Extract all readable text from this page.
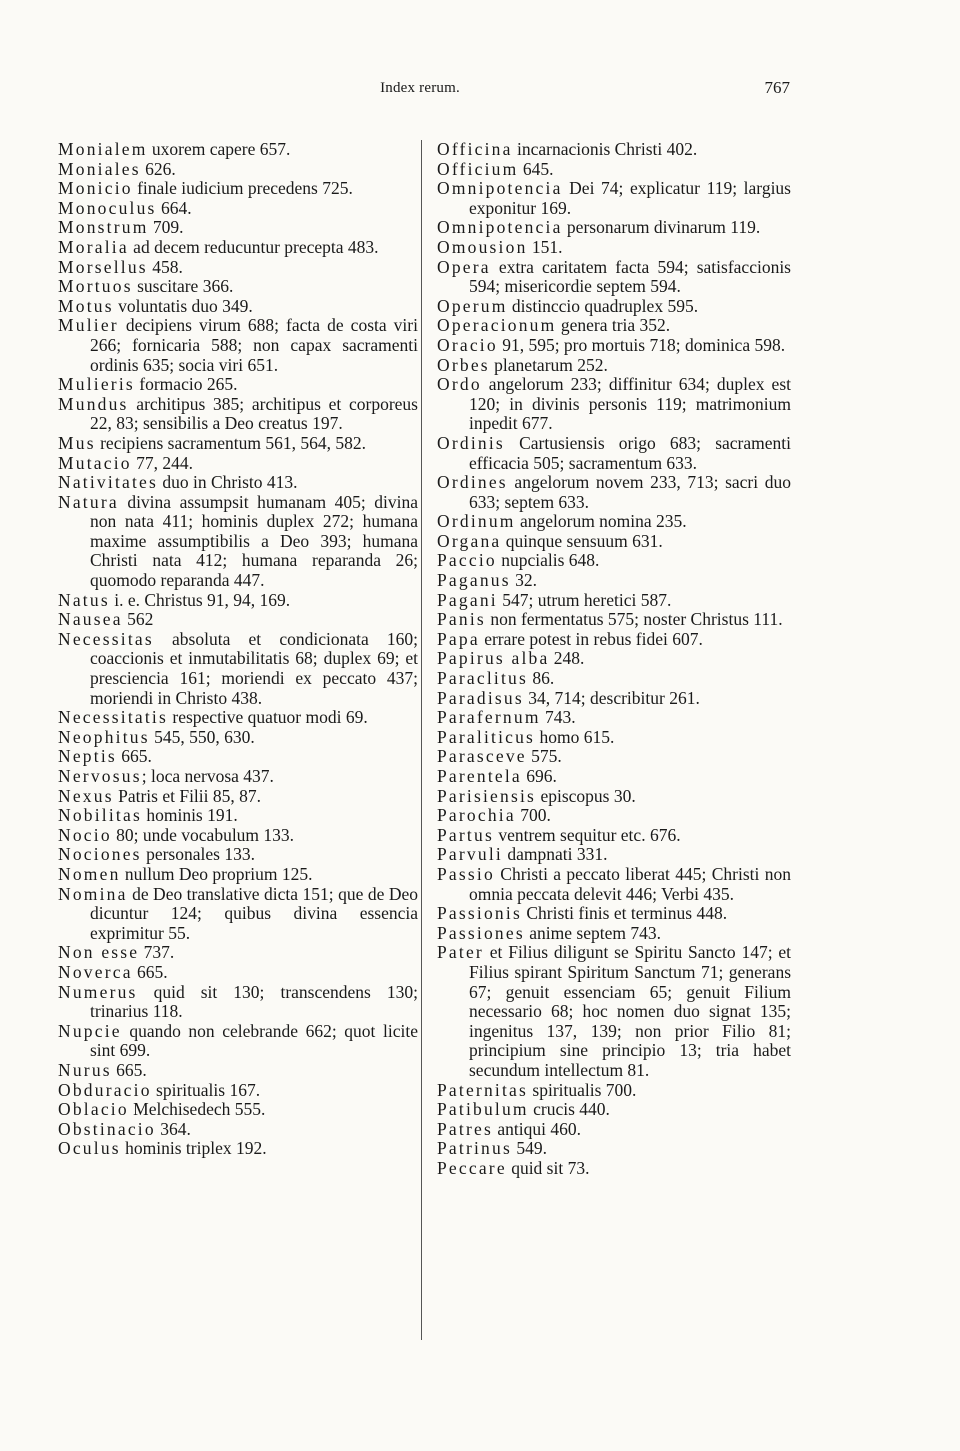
Index rerum.	767

Monialem uxorem capere 657.

Moniales 626.

Monicio finale iudicium precedens 725.

Monoculus 664.

Monstrum 709.

Moralia ad decem reducuntur precepta 483.

Morsellus 458.

Mortuos suscitare 366.

Motus voluntatis duo 349.

Mulier decipiens virum 688; facta de costa viri 266; fornicaria 588; non capax sacramenti ordinis 635; socia viri 651.

Mulieris formacio 265.

Mundus architipus 385; architipus et corporeus 22, 83; sensibilis a Deo creatus 197.

Mus recipiens sacramentum 561, 564, 582.

Mutacio 77, 244.

Nativitates duo in Christo 413.

Natura divina assumpsit humanam 405; divina non nata 411; hominis duplex 272; humana maxime assumptibilis a Deo 393; humana Christi nata 412; humana reparanda 26; quomodo reparanda 447.

Natus i. e. Christus 91, 94, 169.

Nausea 562

Necessitas absoluta et condicionata 160; coaccionis et inmutabilitatis 68; duplex 69; et presciencia 161; moriendi ex peccato 437; moriendi in Christo 438.

Necessitatis respective quatuor modi 69.

Neophitus 545, 550, 630.

Neptis 665.

Nervosus; loca nervosa 437.

Nexus Patris et Filii 85, 87.

Nobilitas hominis 191.

Nocio 80; unde vocabulum 133.

Nociones personales 133.

Nomen nullum Deo proprium 125.

Nomina de Deo translative dicta 151; que de Deo dicuntur 124; quibus divina essencia exprimitur 55.

Non esse 737.

Noverca 665.

Numerus quid sit 130; transcendens 130; trinarius 118.

Nupcie quando non celebrande 662; quot licite sint 699.

Nurus 665.

Obduracio spiritualis 167.

Oblacio Melchisedech 555.

Obstinacio 364.

Oculus hominis triplex 192.

Officina incarnacionis Christi 402.

Officium 645.

Omnipotencia Dei 74; explicatur 119; largius exponitur 169.

Omnipotencia personarum divinarum 119.

Omousion 151.

Opera extra caritatem facta 594; satisfaccionis 594; misericordie septem 594.

Operum distinccio quadruplex 595.

Operacionum genera tria 352.

Oracio 91, 595; pro mortuis 718; dominica 598.

Orbes planetarum 252.

Ordo angelorum 233; diffinitur 634; duplex est 120; in divinis personis 119; matrimonium inpedit 677.

Ordinis Cartusiensis origo 683; sacramenti efficacia 505; sacramentum 633.

Ordines angelorum novem 233, 713; sacri duo 633; septem 633.

Ordinum angelorum nomina 235.

Organa quinque sensuum 631.

Paccio nupcialis 648.

Paganus 32.

Pagani 547; utrum heretici 587.

Panis non fermentatus 575; noster Christus 111.

Papa errare potest in rebus fidei 607.

Papirus alba 248.

Paraclitus 86.

Paradisus 34, 714; describitur 261.

Parafernum 743.

Paraliticus homo 615.

Parasceve 575.

Parentela 696.

Parisiensis episcopus 30.

Parochia 700.

Partus ventrem sequitur etc. 676.

Parvuli dampnati 331.

Passio Christi a peccato liberat 445; Christi non omnia peccata delevit 446; Verbi 435.

Passionis Christi finis et terminus 448.

Passiones anime septem 743.

Pater et Filius diligunt se Spiritu Sancto 147; et Filius spirant Spiritum Sanctum 71; generans 67; genuit essenciam 65; genuit Filium necessario 68; hoc nomen duo signat 135; ingenitus 137, 139; non prior Filio 81; principium sine principio 13; tria habet secundum intellectum 81.

Paternitas spiritualis 700.

Patibulum crucis 440.

Patres antiqui 460.

Patrinus 549.

Peccare quid sit 73.
